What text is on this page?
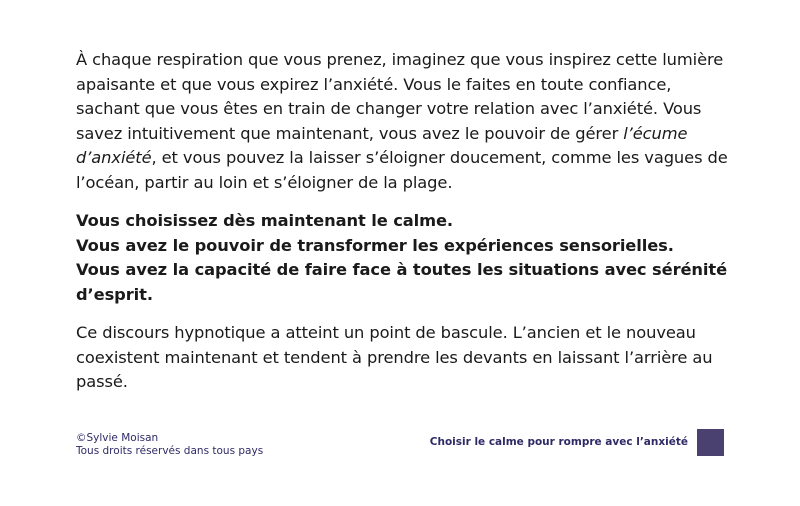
À chaque respiration que vous prenez, imaginez que vous inspirez cette lumière apaisante et que vous expirez l’anxiété. Vous le faites en toute confiance, sachant que vous êtes en train de changer votre relation avec l’anxiété. Vous savez intuitivement que maintenant, vous avez le pouvoir de gérer l’écume d’anxiété, et vous pouvez la laisser s’éloigner doucement, comme les vagues de l’océan, partir au loin et s’éloigner de la plage.

Vous choisissez dès maintenant le calme.
Vous avez le pouvoir de transformer les expériences sensorielles.
Vous avez la capacité de faire face à toutes les situations avec sérénité d’esprit.

Ce discours hypnotique a atteint un point de bascule. L’ancien et le nouveau coexistent maintenant et tendent à prendre les devants en laissant l’arrière au passé.

©Sylvie Moisan
Tous droits réservés dans tous pays
Choisir le calme pour rompre avec l’anxiété
